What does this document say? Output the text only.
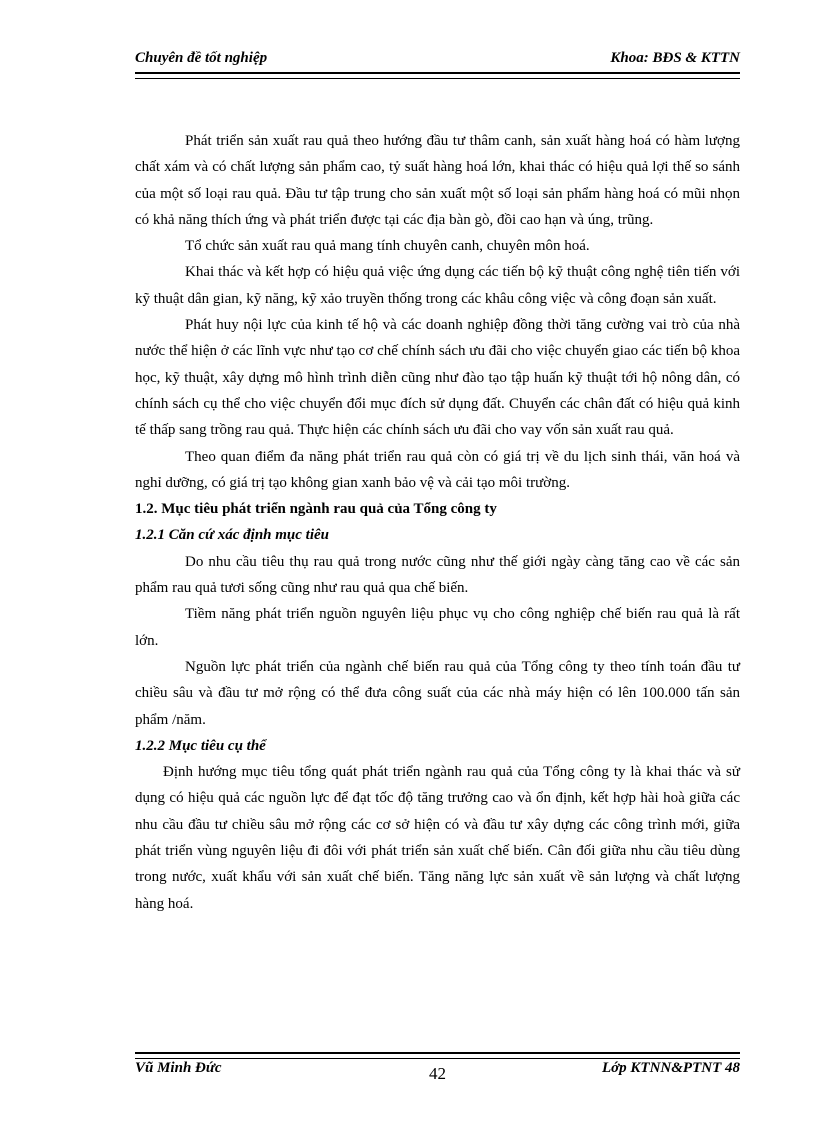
Chuyên đề tốt nghiệp	Khoa: BĐS & KTTN

Phát triển sản xuất rau quả theo hướng đầu tư thâm canh, sản xuất hàng hoá có hàm lượng chất xám và có chất lượng sản phẩm cao, tỷ suất hàng hoá lớn, khai thác có hiệu quả lợi thế so sánh của một số loại rau quả. Đầu tư tập trung cho sản xuất một số loại sản phẩm hàng hoá có mũi nhọn có khả năng thích ứng và phát triển được tại các địa bàn gò, đồi cao hạn và úng, trũng.

Tổ chức sản xuất rau quả mang tính chuyên canh, chuyên môn hoá.

Khai thác và kết hợp có hiệu quả việc ứng dụng các tiến bộ kỹ thuật công nghệ tiên tiến với kỹ thuật dân gian, kỹ năng, kỹ xảo truyền thống trong các khâu công việc và công đoạn sản xuất.

Phát huy nội lực của kinh tế hộ và các doanh nghiệp đồng thời tăng cường vai trò của nhà nước thể hiện ở các lĩnh vực như tạo cơ chế chính sách ưu đãi cho việc chuyển giao các tiến bộ khoa học, kỹ thuật, xây dựng mô hình trình diễn cũng như đào tạo tập huấn kỹ thuật tới hộ nông dân, có chính sách cụ thể cho việc chuyển đổi mục đích sử dụng đất. Chuyển các chân đất có hiệu quả kinh tế thấp sang trồng rau quả. Thực hiện các chính sách ưu đãi cho vay vốn sản xuất rau quả.

Theo quan điểm đa năng phát triển rau quả còn có giá trị về du lịch sinh thái, văn hoá và nghỉ dưỡng, có giá trị tạo không gian xanh bảo vệ và cải tạo môi trường.

1.2. Mục tiêu phát triển ngành rau quả của Tổng công ty
1.2.1 Căn cứ xác định mục tiêu

Do nhu cầu tiêu thụ rau quả trong nước cũng như thế giới ngày càng tăng cao về các sản phẩm rau quả tươi sống cũng như rau quả qua chế biến.

Tiềm năng phát triển nguồn nguyên liệu phục vụ cho công nghiệp chế biến rau quả là rất lớn.

Nguồn lực phát triển của ngành chế biến rau quả của Tổng công ty theo tính toán đầu tư chiều sâu và đầu tư mở rộng có thể đưa công suất của các nhà máy hiện có lên 100.000 tấn sản phẩm /năm.

1.2.2 Mục tiêu cụ thể

Định hướng mục tiêu tổng quát phát triển ngành rau quả của Tổng công ty là khai thác và sử dụng có hiệu quả các nguồn lực để đạt tốc độ tăng trưởng cao và ổn định, kết hợp hài hoà giữa các nhu cầu đầu tư chiều sâu mở rộng các cơ sở hiện có và đầu tư xây dựng các công trình mới, giữa phát triển vùng nguyên liệu đi đôi với phát triển sản xuất chế biến. Cân đối giữa nhu cầu tiêu dùng trong nước, xuất khẩu với sản xuất chế biến. Tăng năng lực sản xuất về sản lượng và chất lượng hàng hoá.

Vũ Minh Đức	42	Lớp KTNN&PTNT 48
